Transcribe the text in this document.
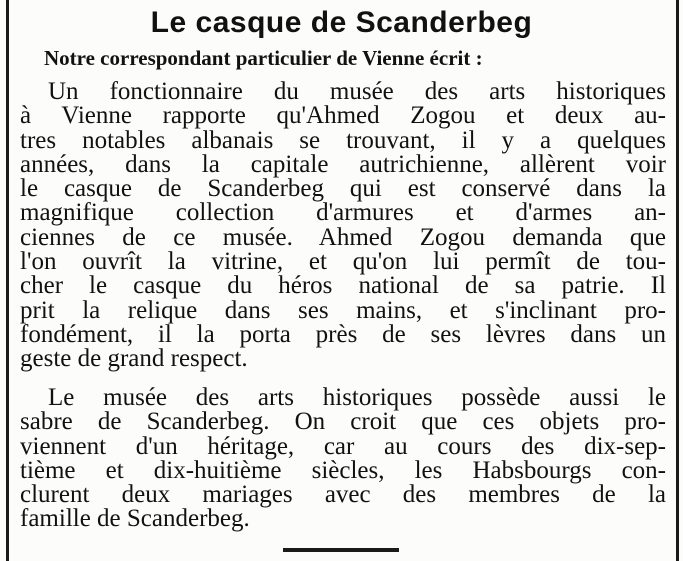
Le casque de Scanderbeg

Notre correspondant particulier de Vienne écrit :

Un fonctionnaire du musée des arts historiques
à Vienne rapporte qu'Ahmed Zogou et deux au-
tres notables albanais se trouvant, il y a quelques
années, dans la capitale autrichienne, allèrent voir
le casque de Scanderbeg qui est conservé dans la
magnifique collection d'armures et d'armes an-
ciennes de ce musée. Ahmed Zogou demanda que
l'on ouvrît la vitrine, et qu'on lui permît de tou-
cher le casque du héros national de sa patrie. Il
prit la relique dans ses mains, et s'inclinant pro-
fondément, il la porta près de ses lèvres dans un
geste de grand respect.

Le musée des arts historiques possède aussi le
sabre de Scanderbeg. On croit que ces objets pro-
viennent d'un héritage, car au cours des dix-sep-
tième et dix-huitième siècles, les Habsbourgs con-
clurent deux mariages avec des membres de la
famille de Scanderbeg.
